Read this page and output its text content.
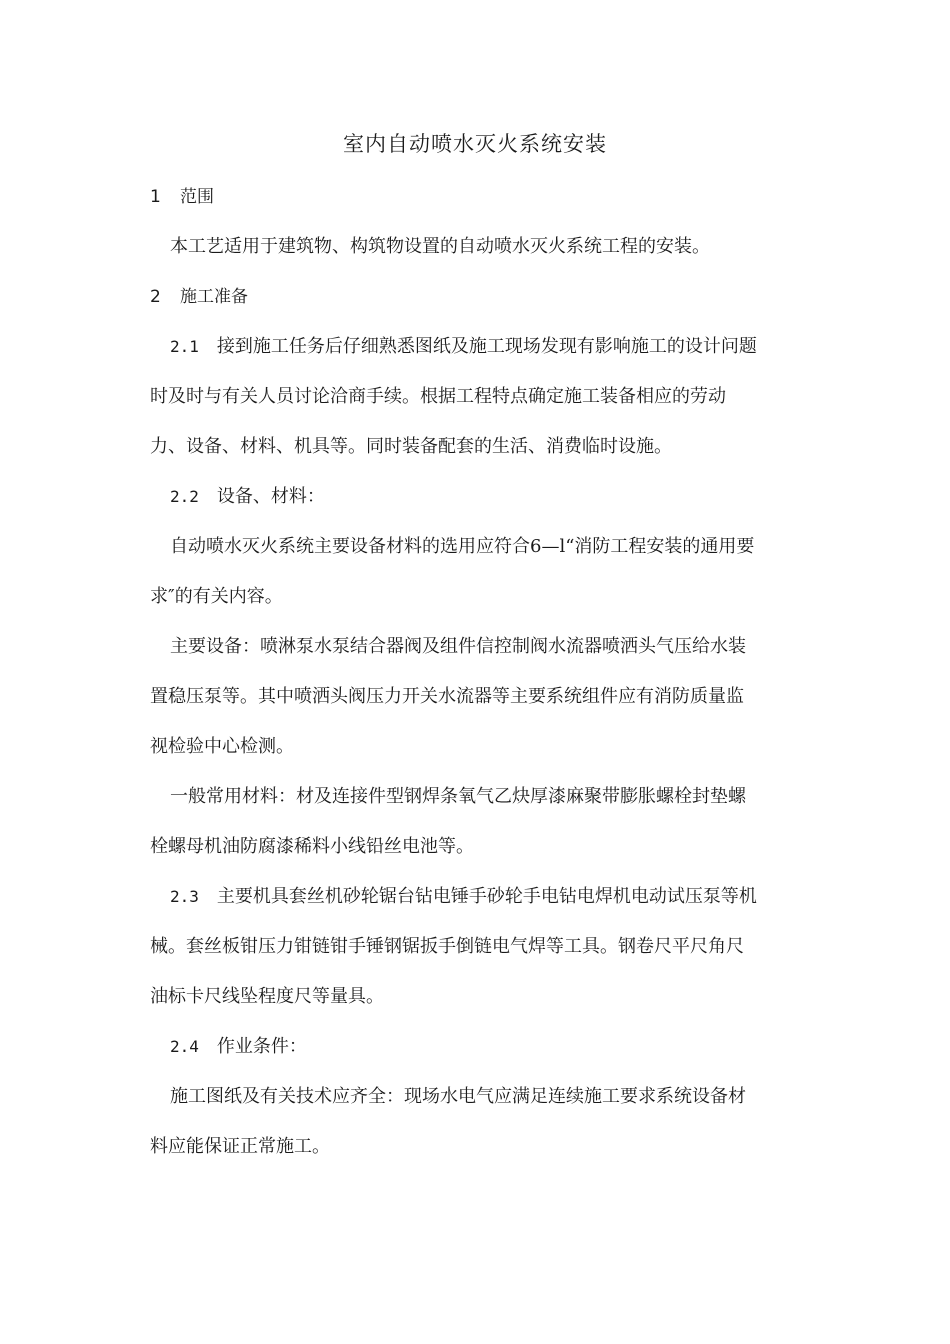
室内自动喷水灭火系统安装
1 范围
本工艺适用于建筑物、构筑物设置的自动喷水灭火系统工程的安装。
2 施工准备
2.1 接到施工任务后仔细熟悉图纸及施工现场发现有影响施工的设计问题
时及时与有关人员讨论洽商手续。根据工程特点确定施工装备相应的劳动
力、设备、材料、机具等。同时装备配套的生活、消费临时设施。
2.2 设备、材料：
自动喷水灭火系统主要设备材料的选用应符合6—l“消防工程安装的通用要
求″的有关内容。
主要设备：喷淋泵水泵结合器阀及组件信控制阀水流器喷洒头气压给水装
置稳压泵等。其中喷洒头阀压力开关水流器等主要系统组件应有消防质量监
视检验中心检测。
一般常用材料：材及连接件型钢焊条氧气乙炔厚漆麻聚带膨胀螺栓封垫螺
栓螺母机油防腐漆稀料小线铅丝电池等。
2.3 主要机具套丝机砂轮锯台钻电锤手砂轮手电钻电焊机电动试压泵等机
械。套丝板钳压力钳链钳手锤钢锯扳手倒链电气焊等工具。钢卷尺平尺角尺
油标卡尺线坠程度尺等量具。
2.4 作业条件：
施工图纸及有关技术应齐全：现场水电气应满足连续施工要求系统设备材
料应能保证正常施工。
